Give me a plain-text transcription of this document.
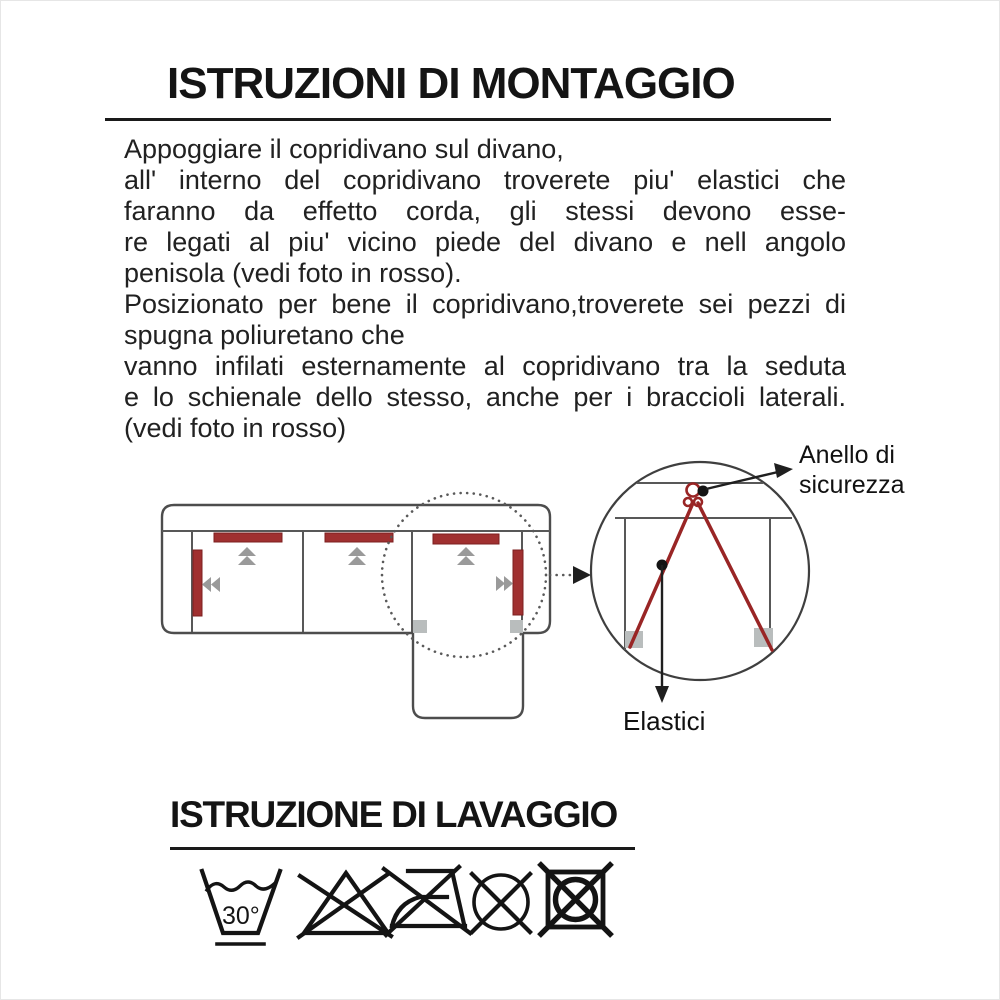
ISTRUZIONI DI MONTAGGIO
Appoggiare il copridivano sul divano,
all' interno del copridivano troverete piu' elastici che
faranno da effetto corda, gli stessi devono esse-
re legati al piu' vicino piede del divano e nell angolo
penisola (vedi foto in rosso).
Posizionato per bene il copridivano,troverete sei pezzi di
spugna poliuretano che
vanno infilati esternamente al copridivano tra la seduta
e lo schienale dello stesso, anche per i braccioli laterali.
(vedi foto in rosso)
30°
Anello di
sicurezza
Elastici
ISTRUZIONE DI LAVAGGIO
